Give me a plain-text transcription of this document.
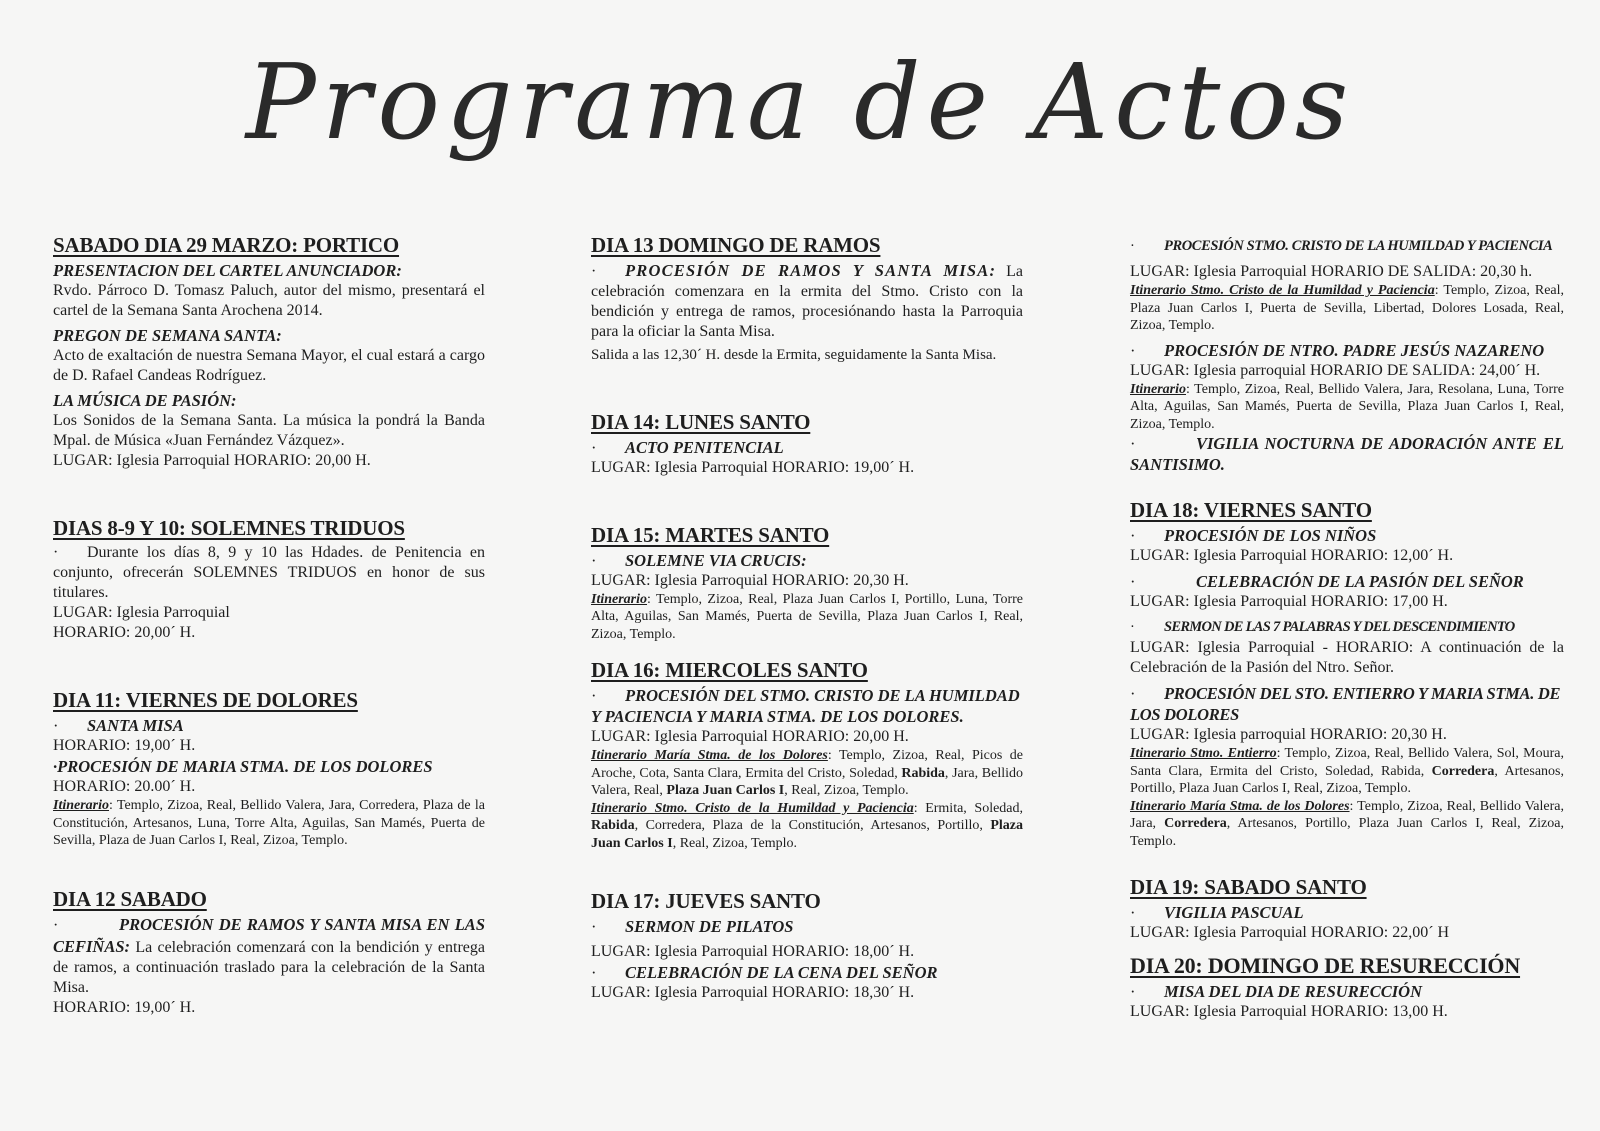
Programa de Actos
SABADO DIA 29 MARZO: PORTICO

PRESENTACION DEL CARTEL ANUNCIADOR:

Rvdo. Párroco D. Tomasz Paluch, autor del mismo, presentará el cartel de la Semana Santa Arochena 2014.

PREGON DE SEMANA SANTA:

Acto de exaltación de nuestra Semana Mayor, el cual estará a cargo de D. Rafael Candeas Rodríguez.

LA MÚSICA DE PASIÓN:

Los Sonidos de la Semana Santa. La música la pondrá la Banda Mpal. de Música «Juan Fernández Vázquez».

LUGAR: Iglesia Parroquial HORARIO: 20,00 H.

DIAS 8-9 Y 10: SOLEMNES TRIDUOS

· Durante los días 8, 9 y 10 las Hdades. de Penitencia en conjunto, ofrecerán SOLEMNES TRIDUOS en honor de sus titulares.

LUGAR: Iglesia Parroquial

HORARIO: 20,00´ H.

DIA 11: VIERNES DE DOLORES

· SANTA MISA

HORARIO: 19,00´ H.

·PROCESIÓN DE MARIA STMA. DE LOS DOLORES

HORARIO: 20.00´ H.

Itinerario: Templo, Zizoa, Real, Bellido Valera, Jara, Corredera, Plaza de la Constitución, Artesanos, Luna, Torre Alta, Aguilas, San Mamés, Puerta de Sevilla, Plaza de Juan Carlos I, Real, Zizoa, Templo.

DIA 12 SABADO

·	PROCESIÓN DE RAMOS Y SANTA MISA EN LAS CEFIÑAS: La celebración comenzará con la bendición y entrega de ramos, a continuación traslado para la celebración de la Santa Misa.

HORARIO: 19,00´ H.

DIA 13 DOMINGO DE RAMOS

· PROCESIÓN DE RAMOS Y SANTA MISA: La celebración comenzara en la ermita del Stmo. Cristo con la bendición y entrega de ramos, procesiónando hasta la Parroquia para la oficiar la Santa Misa.

Salida a las 12,30´ H. desde la Ermita, seguidamente la Santa Misa.

DIA 14: LUNES SANTO

· ACTO PENITENCIAL

LUGAR: Iglesia Parroquial HORARIO: 19,00´ H.

DIA 15: MARTES SANTO

· SOLEMNE VIA CRUCIS:

LUGAR: Iglesia Parroquial HORARIO: 20,30 H.

Itinerario: Templo, Zizoa, Real, Plaza Juan Carlos I, Portillo, Luna, Torre Alta, Aguilas, San Mamés, Puerta de Sevilla, Plaza Juan Carlos I, Real, Zizoa, Templo.

DIA 16: MIERCOLES SANTO

· PROCESIÓN DEL STMO. CRISTO DE LA HUMILDAD Y PACIENCIA Y MARIA STMA. DE LOS DOLORES.

LUGAR: Iglesia Parroquial HORARIO: 20,00 H.

Itinerario María Stma. de los Dolores: Templo, Zizoa, Real, Picos de Aroche, Cota, Santa Clara, Ermita del Cristo, Soledad, Rabida, Jara, Bellido Valera, Real, Plaza Juan Carlos I, Real, Zizoa, Templo.

Itinerario Stmo. Cristo de la Humildad y Paciencia: Ermita, Soledad, Rabida, Corredera, Plaza de la Constitución, Artesanos, Portillo, Plaza Juan Carlos I, Real, Zizoa, Templo.

DIA 17: JUEVES SANTO

· SERMON DE PILATOS

LUGAR: Iglesia Parroquial HORARIO: 18,00´ H.

· CELEBRACIÓN DE LA CENA DEL SEÑOR

LUGAR: Iglesia Parroquial HORARIO: 18,30´ H.

· PROCESIÓN STMO. CRISTO DE LA HUMILDAD Y PACIENCIA

LUGAR: Iglesia Parroquial HORARIO DE SALIDA: 20,30 h.

Itinerario Stmo. Cristo de la Humildad y Paciencia: Templo, Zizoa, Real, Plaza Juan Carlos I, Puerta de Sevilla, Libertad, Dolores Losada, Real, Zizoa, Templo.

· PROCESIÓN DE NTRO. PADRE JESÚS NAZARENO

LUGAR: Iglesia parroquial HORARIO DE SALIDA: 24,00´ H.

Itinerario: Templo, Zizoa, Real, Bellido Valera, Jara, Resolana, Luna, Torre Alta, Aguilas, San Mamés, Puerta de Sevilla, Plaza Juan Carlos I, Real, Zizoa, Templo.

·	VIGILIA NOCTURNA DE ADORACIÓN ANTE EL SANTISIMO.

DIA 18: VIERNES SANTO

· PROCESIÓN DE LOS NIÑOS

LUGAR: Iglesia Parroquial HORARIO: 12,00´ H.

·	CELEBRACIÓN DE LA PASIÓN DEL SEÑOR

LUGAR: Iglesia Parroquial HORARIO: 17,00 H.

· SERMON DE LAS 7 PALABRAS Y DEL DESCENDIMIENTO

LUGAR: Iglesia Parroquial - HORARIO: A continuación de la Celebración de la Pasión del Ntro. Señor.

· PROCESIÓN DEL STO. ENTIERRO Y MARIA STMA. DE LOS DOLORES

LUGAR: Iglesia parroquial HORARIO: 20,30 H.

Itinerario Stmo. Entierro: Templo, Zizoa, Real, Bellido Valera, Sol, Moura, Santa Clara, Ermita del Cristo, Soledad, Rabida, Corredera, Artesanos, Portillo, Plaza Juan Carlos I, Real, Zizoa, Templo.

Itinerario María Stma. de los Dolores: Templo, Zizoa, Real, Bellido Valera, Jara, Corredera, Artesanos, Portillo, Plaza Juan Carlos I, Real, Zizoa, Templo.

DIA 19: SABADO SANTO

· VIGILIA PASCUAL

LUGAR: Iglesia Parroquial HORARIO: 22,00´ H

DIA 20: DOMINGO DE RESURECCIÓN

· MISA DEL DIA DE RESURECCIÓN

LUGAR: Iglesia Parroquial HORARIO: 13,00 H.
